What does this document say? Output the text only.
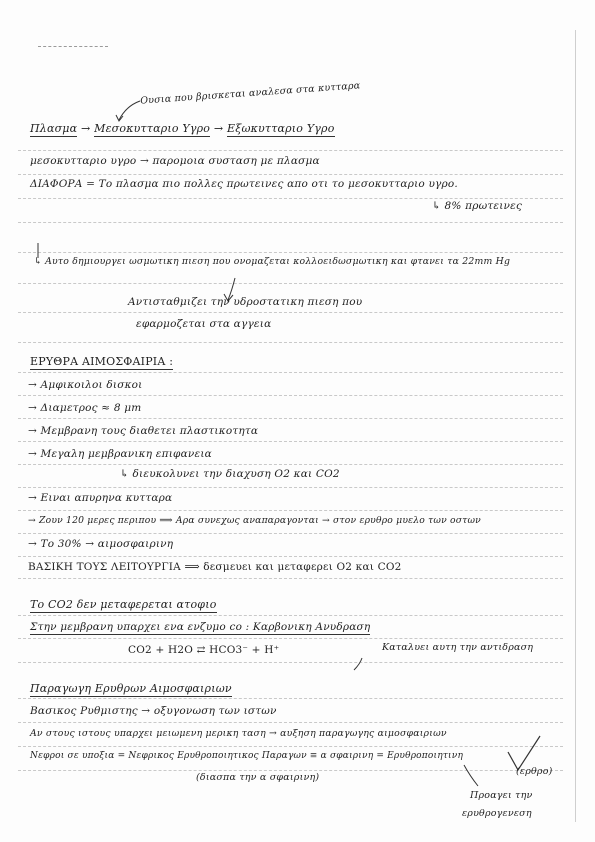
Ουσια που βρισκεται αναλεσα στα κυτταρα
Πλασμα → Μεσοκυτταριο Υγρο → Εξωκυτταριο Υγρο
μεσοκυτταριο υγρο → παρομοια συσταση με πλασμα
ΔΙΑΦΟΡΑ = Το πλασμα πιο πολλες πρωτεινες απο οτι το μεσοκυτταριο υγρο.
↳ 8% πρωτεινες
↳ Αυτο δημιουργει ωσμωτικη πιεση που ονομαζεται κολλοειδωσμωτικη και φτανει τα 22mm Hg
Αντισταθμιζει την υδροστατικη πιεση που
εφαρμοζεται στα αγγεια
ΕΡΥΘΡΑ ΑΙΜΟΣΦΑΙΡΙΑ :
→ Αμφικοιλοι δισκοι
→ Διαμετρος ≈ 8 μm
→ Μεμβρανη τους διαθετει πλαστικοτητα
→ Μεγαλη μεμβρανικη επιφανεια
↳ διευκολυνει την διαχυση Ο2 και CO2
→ Ειναι απυρηνα κυτταρα
→ Ζουν 120 μερες περιπου ⟹ Αρα συνεχως αναπαραγονται → στον ερυθρο μυελο των οστων
→ Το 30% → αιμοσφαιρινη
ΒΑΣΙΚΗ ΤΟΥΣ ΛΕΙΤΟΥΡΓΙΑ ⟹ δεσμευει και μεταφερει Ο2 και CO2
Το CO2 δεν μεταφερεται ατοφιο
Στην μεμβρανη υπαρχει ενα ενζυμο co : Καρβονικη Ανυδραση
CO2 + H2O ⇄ HCO3⁻ + H⁺	Καταλυει αυτη την αντιδραση
Παραγωγη Ερυθρων Αιμοσφαιριων
Βασικος Ρυθμιστης → οξυγονωση των ιστων
Αν στους ιστους υπαρχει μειωμενη μερικη ταση → αυξηση παραγωγης αιμοσφαιριων
Νεφροι σε υποξια = Νεφρικος Ερυθροποιητικος Παραγων ≡ α σφαιρινη = Ερυθροποιητινη
(διασπα την α σφαιρινη)
(ερθρο)
Προαγει την
ερυθρογενεση
